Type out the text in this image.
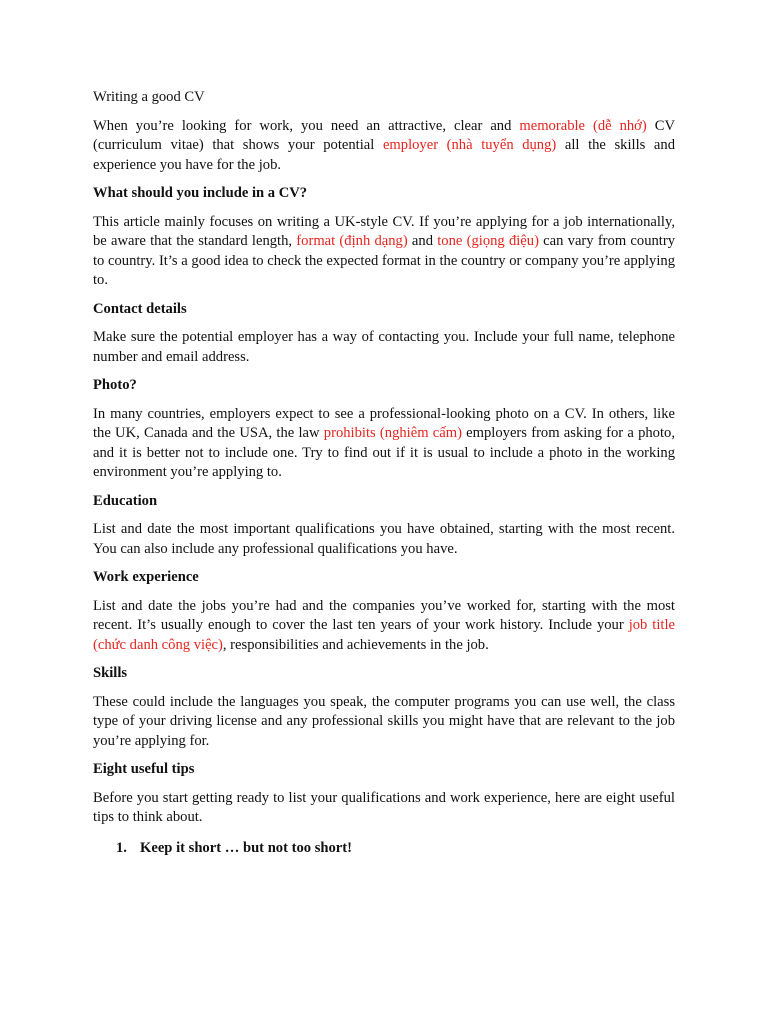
Writing a good CV

When you’re looking for work, you need an attractive, clear and memorable (dễ nhớ) CV (curriculum vitae) that shows your potential employer (nhà tuyển dụng) all the skills and experience you have for the job.

What should you include in a CV?

This article mainly focuses on writing a UK-style CV. If you’re applying for a job internationally, be aware that the standard length, format (định dạng) and tone (giọng điệu) can vary from country to country. It’s a good idea to check the expected format in the country or company you’re applying to.

Contact details

Make sure the potential employer has a way of contacting you. Include your full name, telephone number and email address.

Photo?

In many countries, employers expect to see a professional-looking photo on a CV. In others, like the UK, Canada and the USA, the law prohibits (nghiêm cấm) employers from asking for a photo, and it is better not to include one. Try to find out if it is usual to include a photo in the working environment you’re applying to.

Education

List and date the most important qualifications you have obtained, starting with the most recent. You can also include any professional qualifications you have.

Work experience

List and date the jobs you’re had and the companies you’ve worked for, starting with the most recent. It’s usually enough to cover the last ten years of your work history. Include your job title (chức danh công việc), responsibilities and achievements in the job.

Skills

These could include the languages you speak, the computer programs you can use well, the class type of your driving license and any professional skills you might have that are relevant to the job you’re applying for.

Eight useful tips

Before you start getting ready to list your qualifications and work experience, here are eight useful tips to think about.

1. Keep it short … but not too short!
